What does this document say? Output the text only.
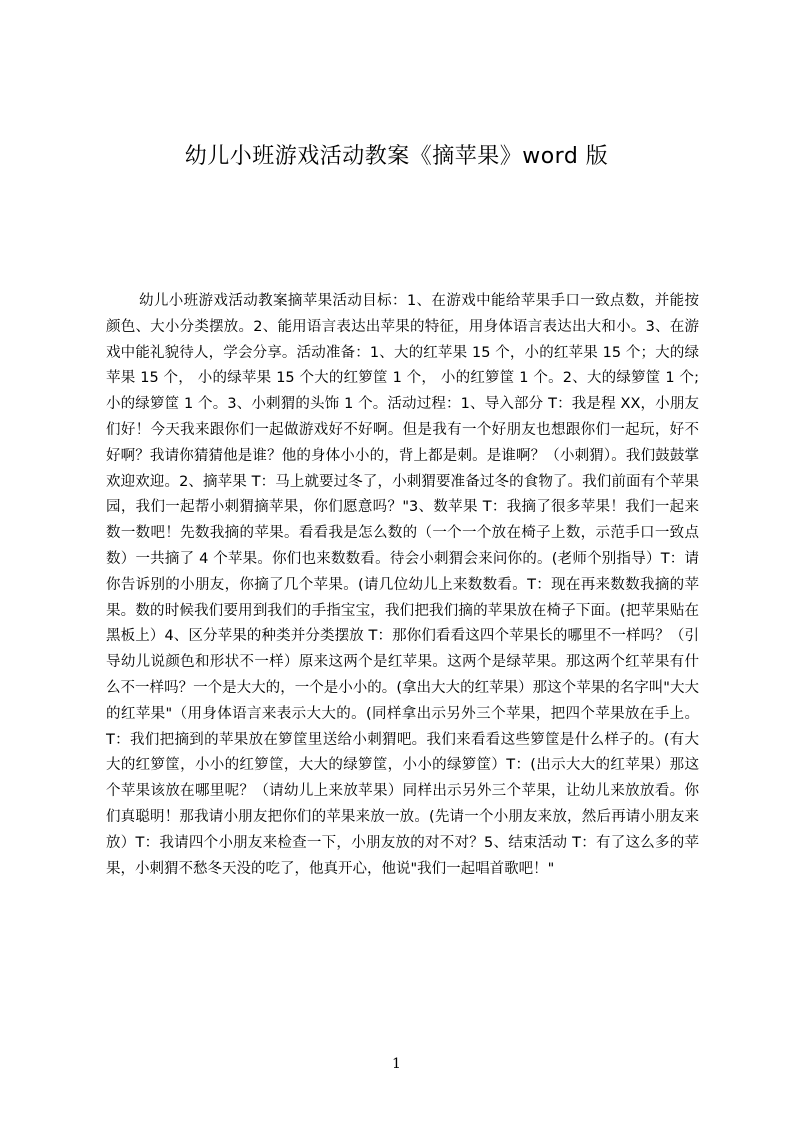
幼儿小班游戏活动教案《摘苹果》word 版

幼儿小班游戏活动教案摘苹果活动目标：1、在游戏中能给苹果手口一致点数，并能按颜色、大小分类摆放。2、能用语言表达出苹果的特征，用身体语言表达出大和小。3、在游戏中能礼貌待人，学会分享。活动准备：1、大的红苹果 15 个，小的红苹果 15 个；大的绿苹果 15 个， 小的绿苹果 15 个大的红箩筐 1 个， 小的红箩筐 1 个。2、大的绿箩筐 1 个;小的绿箩筐 1 个。3、小刺猬的头饰 1 个。活动过程：1、导入部分 T：我是程 XX，小朋友们好！今天我来跟你们一起做游戏好不好啊。但是我有一个好朋友也想跟你们一起玩，好不好啊？我请你猜猜他是谁？他的身体小小的，背上都是刺。是谁啊？（小刺猬）。我们鼓鼓掌欢迎欢迎。2、摘苹果 T：马上就要过冬了，小刺猬要准备过冬的食物了。我们前面有个苹果园，我们一起帮小刺猬摘苹果，你们愿意吗？"3、数苹果 T：我摘了很多苹果！我们一起来数一数吧！先数我摘的苹果。看看我是怎么数的（一个一个放在椅子上数，示范手口一致点数）一共摘了 4 个苹果。你们也来数数看。待会小刺猬会来问你的。(老师个别指导）T：请你告诉别的小朋友，你摘了几个苹果。(请几位幼儿上来数数看。T：现在再来数数我摘的苹果。数的时候我们要用到我们的手指宝宝，我们把我们摘的苹果放在椅子下面。(把苹果贴在黑板上）4、区分苹果的种类并分类摆放 T：那你们看看这四个苹果长的哪里不一样吗？（引导幼儿说颜色和形状不一样）原来这两个是红苹果。这两个是绿苹果。那这两个红苹果有什么不一样吗？一个是大大的，一个是小小的。(拿出大大的红苹果）那这个苹果的名字叫"大大的红苹果"（用身体语言来表示大大的。(同样拿出示另外三个苹果，把四个苹果放在手上。T：我们把摘到的苹果放在箩筐里送给小刺猬吧。我们来看看这些箩筐是什么样子的。(有大大的红箩筐，小小的红箩筐，大大的绿箩筐，小小的绿箩筐）T：(出示大大的红苹果）那这个苹果该放在哪里呢？（请幼儿上来放苹果）同样出示另外三个苹果，让幼儿来放放看。你们真聪明！那我请小朋友把你们的苹果来放一放。(先请一个小朋友来放，然后再请小朋友来放）T：我请四个小朋友来检查一下，小朋友放的对不对？5、结束活动 T：有了这么多的苹果，小刺猬不愁冬天没的吃了，他真开心，他说"我们一起唱首歌吧！"

1
